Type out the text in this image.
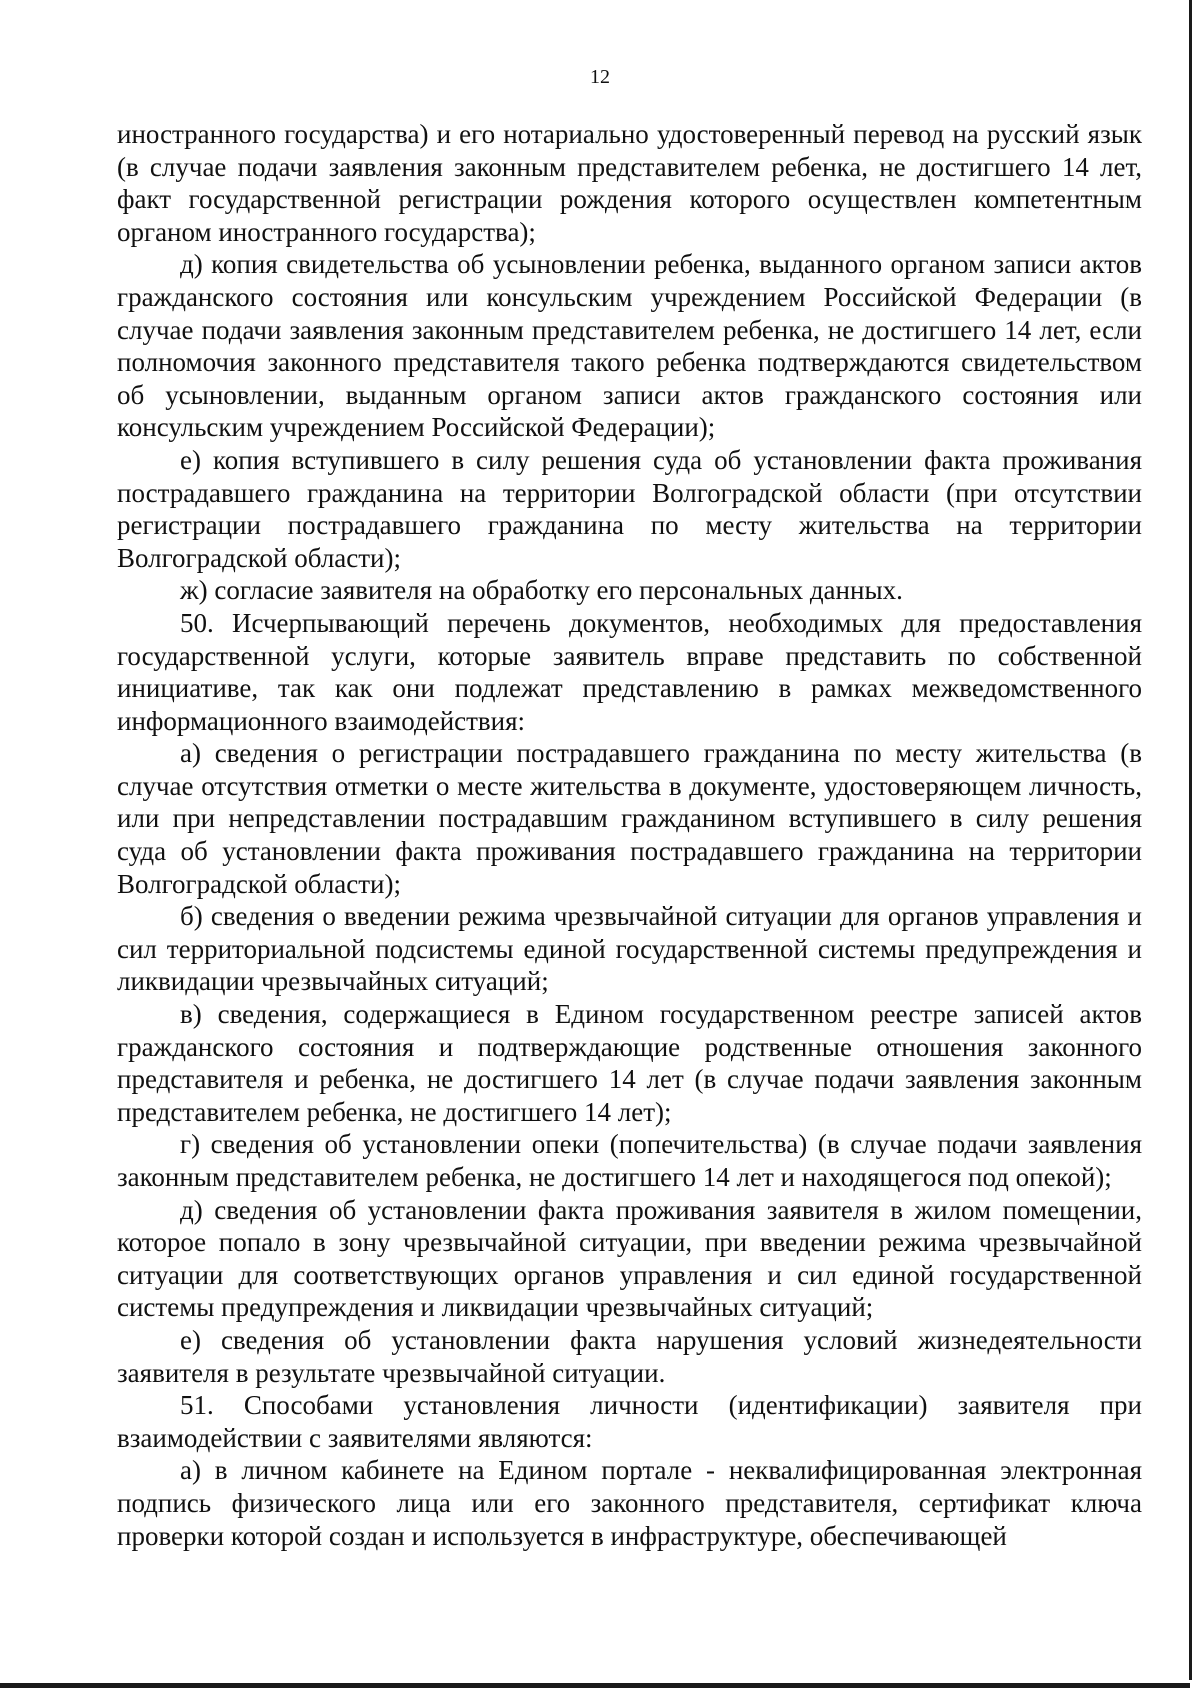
12

иностранного государства) и его нотариально удостоверенный перевод на русский язык (в случае подачи заявления законным представителем ребенка, не достигшего 14 лет, факт государственной регистрации рождения которого осуществлен компетентным органом иностранного государства);

д) копия свидетельства об усыновлении ребенка, выданного органом записи актов гражданского состояния или консульским учреждением Российской Федерации (в случае подачи заявления законным представителем ребенка, не достигшего 14 лет, если полномочия законного представителя такого ребенка подтверждаются свидетельством об усыновлении, выданным органом записи актов гражданского состояния или консульским учреждением Российской Федерации);

е) копия вступившего в силу решения суда об установлении факта проживания пострадавшего гражданина на территории Волгоградской области (при отсутствии регистрации пострадавшего гражданина по месту жительства на территории Волгоградской области);

ж) согласие заявителя на обработку его персональных данных.

50. Исчерпывающий перечень документов, необходимых для предоставления государственной услуги, которые заявитель вправе представить по собственной инициативе, так как они подлежат представлению в рамках межведомственного информационного взаимодействия:

а) сведения о регистрации пострадавшего гражданина по месту жительства (в случае отсутствия отметки о месте жительства в документе, удостоверяющем личность, или при непредставлении пострадавшим гражданином вступившего в силу решения суда об установлении факта проживания пострадавшего гражданина на территории Волгоградской области);

б) сведения о введении режима чрезвычайной ситуации для органов управления и сил территориальной подсистемы единой государственной системы предупреждения и ликвидации чрезвычайных ситуаций;

в) сведения, содержащиеся в Едином государственном реестре записей актов гражданского состояния и подтверждающие родственные отношения законного представителя и ребенка, не достигшего 14 лет (в случае подачи заявления законным представителем ребенка, не достигшего 14 лет);

г) сведения об установлении опеки (попечительства) (в случае подачи заявления законным представителем ребенка, не достигшего 14 лет и находящегося под опекой);

д) сведения об установлении факта проживания заявителя в жилом помещении, которое попало в зону чрезвычайной ситуации, при введении режима чрезвычайной ситуации для соответствующих органов управления и сил единой государственной системы предупреждения и ликвидации чрезвычайных ситуаций;

е) сведения об установлении факта нарушения условий жизнедеятельности заявителя в результате чрезвычайной ситуации.

51. Способами установления личности (идентификации) заявителя при взаимодействии с заявителями являются:

а) в личном кабинете на Едином портале - неквалифицированная электронная подпись физического лица или его законного представителя, сертификат ключа проверки которой создан и используется в инфраструктуре, обеспечивающей
